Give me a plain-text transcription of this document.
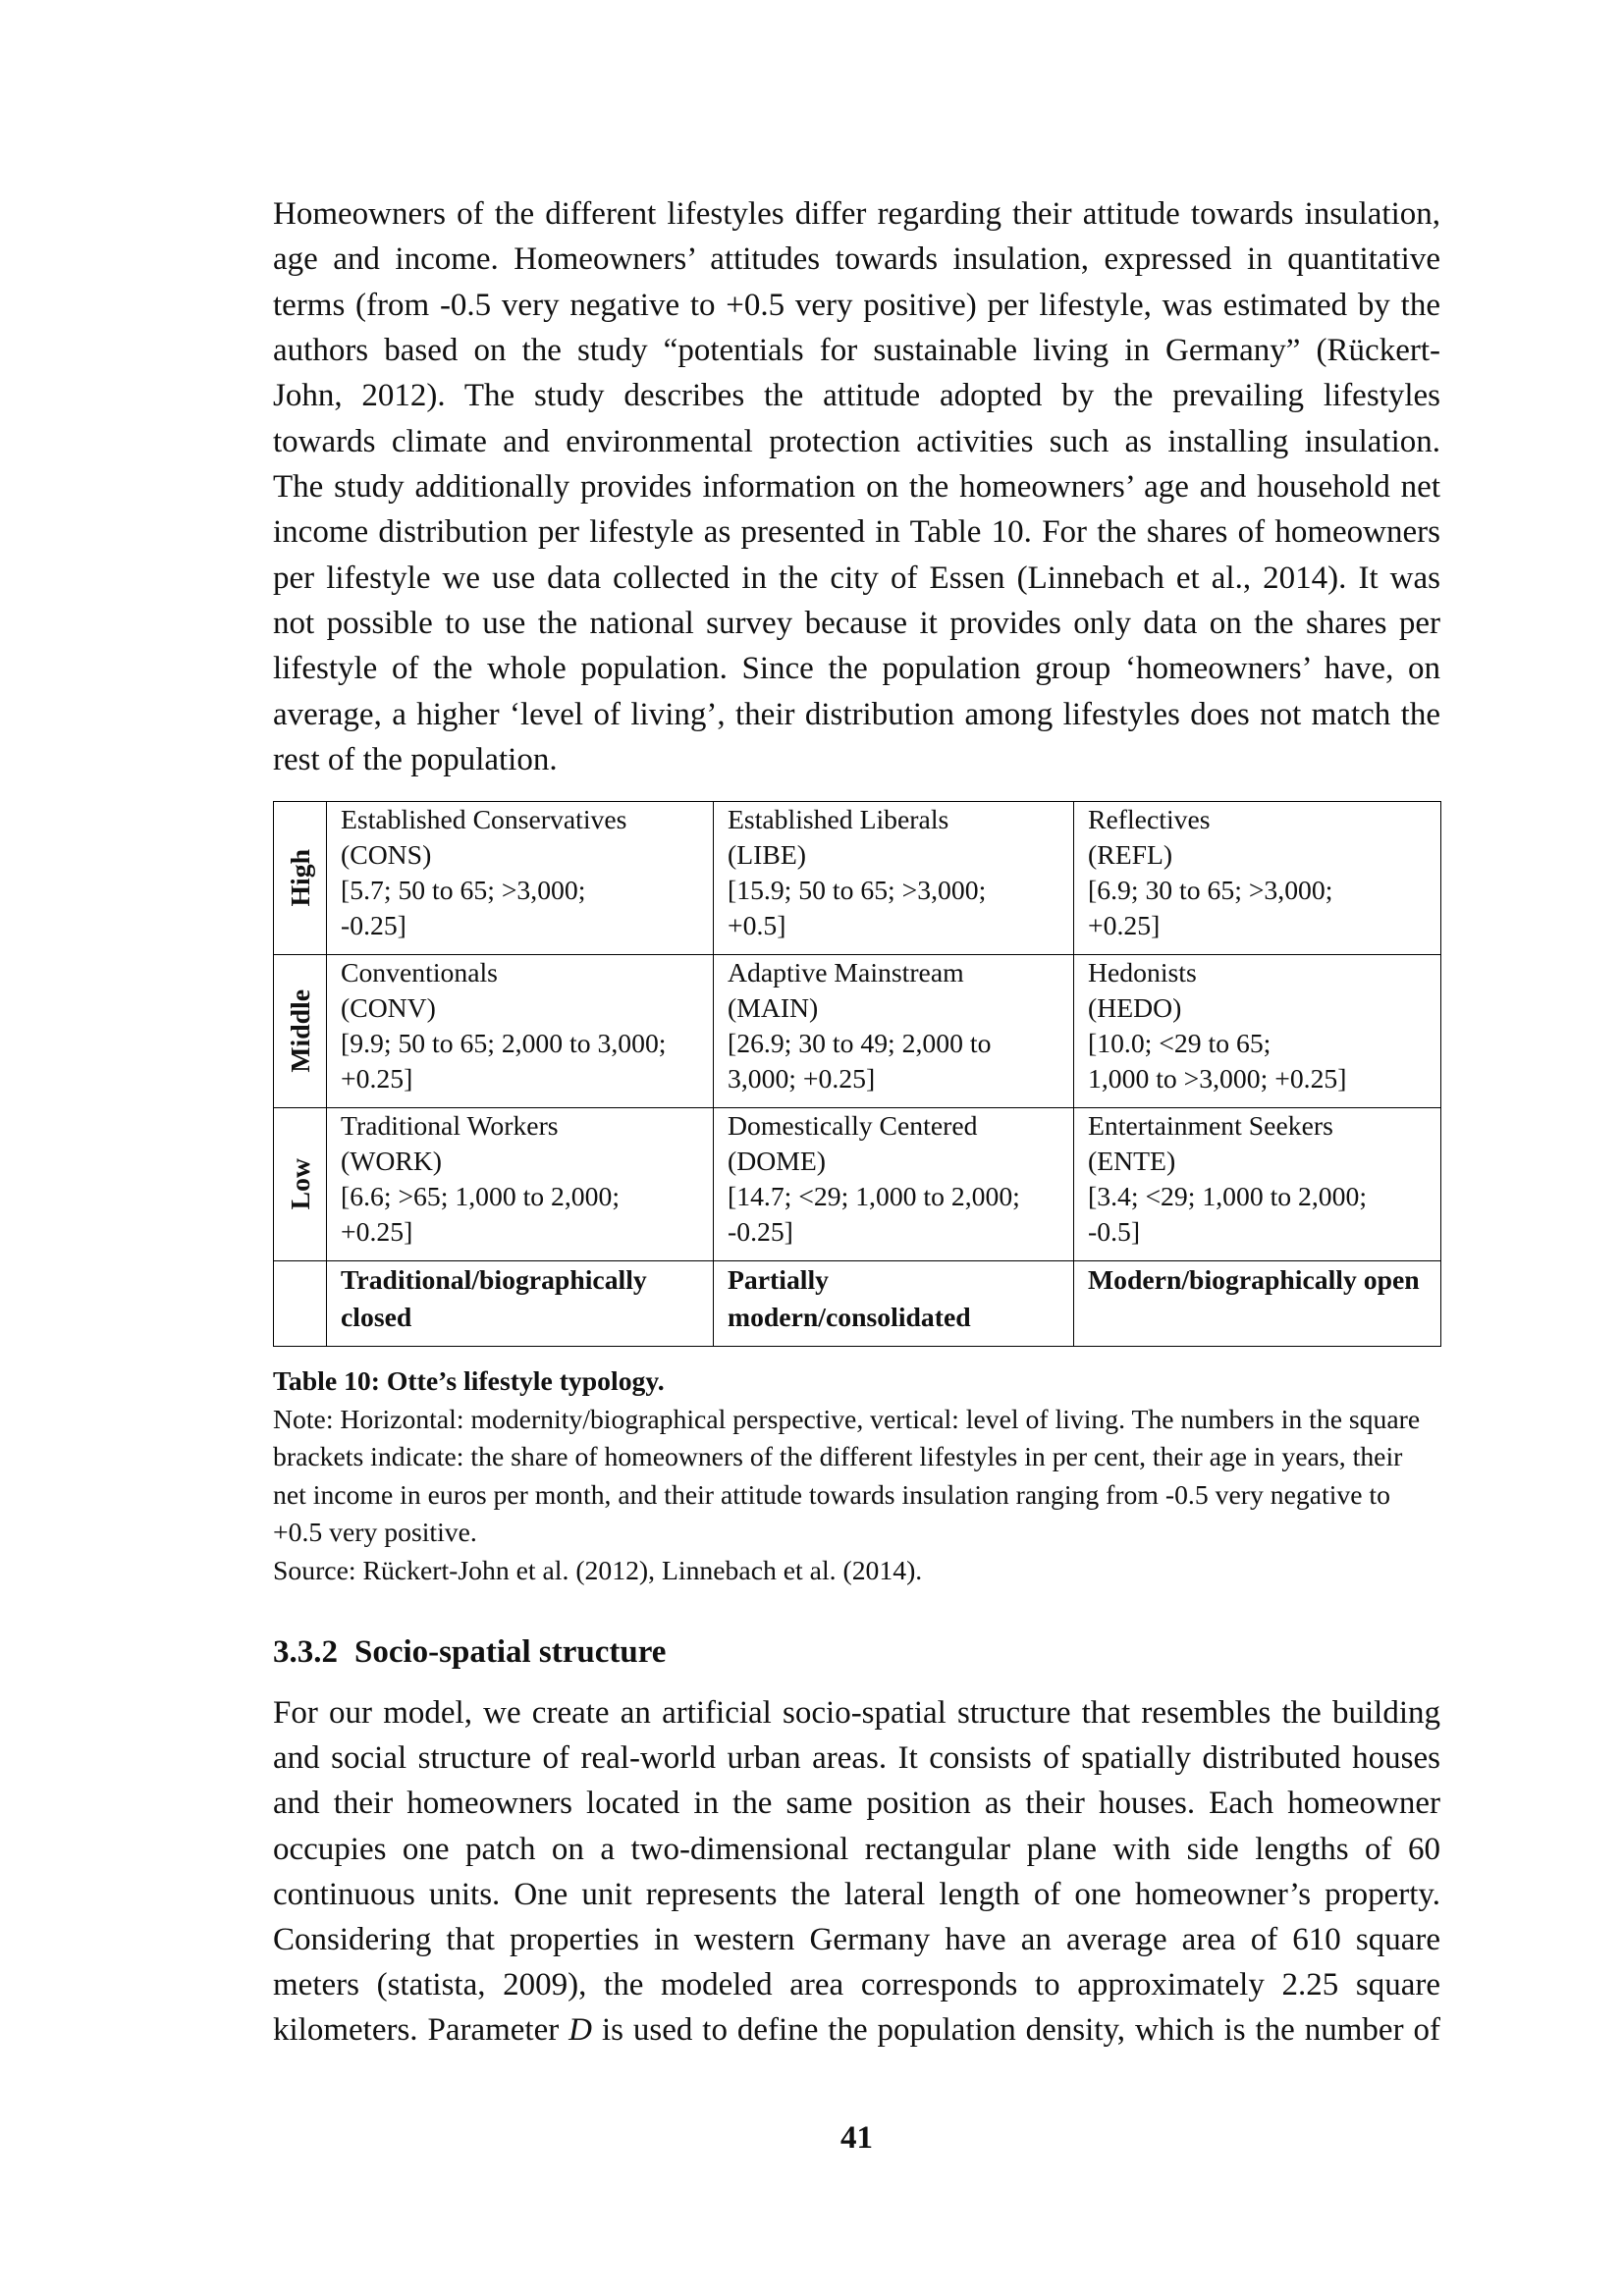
Homeowners of the different lifestyles differ regarding their attitude towards insulation,
age and income. Homeowners’ attitudes towards insulation, expressed in quantitative
terms (from -0.5 very negative to +0.5 very positive) per lifestyle, was estimated by the
authors based on the study “potentials for sustainable living in Germany” (Rückert-
John, 2012). The study describes the attitude adopted by the prevailing lifestyles
towards climate and environmental protection activities such as installing insulation.
The study additionally provides information on the homeowners’ age and household net
income distribution per lifestyle as presented in Table 10. For the shares of homeowners
per lifestyle we use data collected in the city of Essen (Linnebach et al., 2014). It was
not possible to use the national survey because it provides only data on the shares per
lifestyle of the whole population. Since the population group ‘homeowners’ have, on
average, a higher ‘level of living’, their distribution among lifestyles does not match the
rest of the population.
High
Established Conservatives
(CONS)
[5.7; 50 to 65; >3,000;
-0.25]
Established Liberals
(LIBE)
[15.9; 50 to 65; >3,000;
+0.5]
Reflectives
(REFL)
[6.9; 30 to 65; >3,000;
+0.25]
Middle
Conventionals
(CONV)
[9.9; 50 to 65; 2,000 to 3,000;
+0.25]
Adaptive Mainstream
(MAIN)
[26.9; 30 to 49; 2,000 to
3,000; +0.25]
Hedonists
(HEDO)
[10.0; <29 to 65;
1,000 to >3,000; +0.25]
Low
Traditional Workers
(WORK)
[6.6; >65; 1,000 to 2,000;
+0.25]
Domestically Centered
(DOME)
[14.7; <29; 1,000 to 2,000;
-0.25]
Entertainment Seekers
(ENTE)
[3.4; <29; 1,000 to 2,000;
-0.5]
Traditional/biographically
closed
Partially
modern/consolidated
Modern/biographically open
Table 10: Otte’s lifestyle typology.
Note: Horizontal: modernity/biographical perspective, vertical: level of living. The numbers in the square
brackets indicate: the share of homeowners of the different lifestyles in per cent, their age in years, their
net income in euros per month, and their attitude towards insulation ranging from -0.5 very negative to
+0.5 very positive.
Source: Rückert-John et al. (2012), Linnebach et al. (2014).
3.3.2 Socio-spatial structure
For our model, we create an artificial socio-spatial structure that resembles the building
and social structure of real-world urban areas. It consists of spatially distributed houses
and their homeowners located in the same position as their houses. Each homeowner
occupies one patch on a two-dimensional rectangular plane with side lengths of 60
continuous units. One unit represents the lateral length of one homeowner’s property.
Considering that properties in western Germany have an average area of 610 square
meters (statista, 2009), the modeled area corresponds to approximately 2.25 square
kilometers. Parameter D is used to define the population density, which is the number of
41
